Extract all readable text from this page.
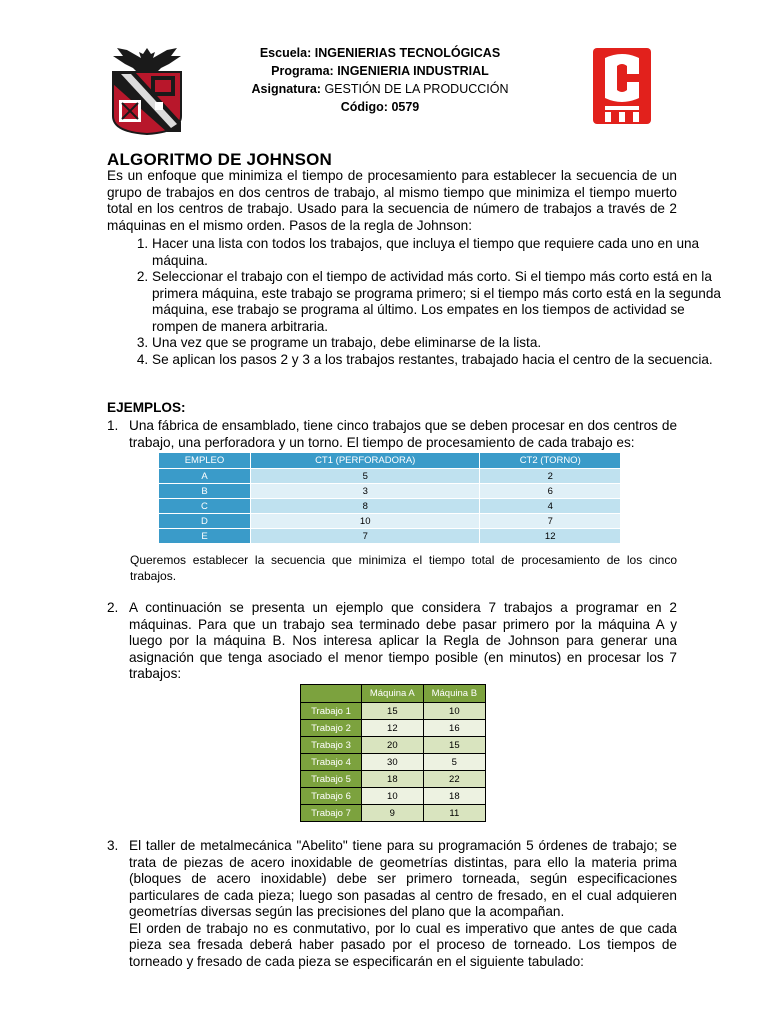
Escuela: INGENIERIAS TECNOLÓGICAS
Programa: INGENIERIA INDUSTRIAL
Asignatura: GESTIÓN DE LA PRODUCCIÓN
Código: 0579
ALGORITMO DE JOHNSON
Es un enfoque que minimiza el tiempo de procesamiento para establecer la secuencia de un grupo de trabajos en dos centros de trabajo, al mismo tiempo que minimiza el tiempo muerto total en los centros de trabajo. Usado para la secuencia de número de trabajos a través de 2 máquinas en el mismo orden. Pasos de la regla de Johnson:
1. Hacer una lista con todos los trabajos, que incluya el tiempo que requiere cada uno en una máquina.
2. Seleccionar el trabajo con el tiempo de actividad más corto. Si el tiempo más corto está en la primera máquina, este trabajo se programa primero; si el tiempo más corto está en la segunda máquina, ese trabajo se programa al último. Los empates en los tiempos de actividad se rompen de manera arbitraria.
3. Una vez que se programe un trabajo, debe eliminarse de la lista.
4. Se aplican los pasos 2 y 3 a los trabajos restantes, trabajado hacia el centro de la secuencia.
EJEMPLOS:
1. Una fábrica de ensamblado, tiene cinco trabajos que se deben procesar en dos centros de trabajo, una perforadora y un torno. El tiempo de procesamiento de cada trabajo es:
EMPLEO	CT1 (PERFORADORA)	CT2 (TORNO)
A	5	2
B	3	6
C	8	4
D	10	7
E	7	12
Queremos establecer la secuencia que minimiza el tiempo total de procesamiento de los cinco trabajos.
2. A continuación se presenta un ejemplo que considera 7 trabajos a programar en 2 máquinas. Para que un trabajo sea terminado debe pasar primero por la máquina A y luego por la máquina B. Nos interesa aplicar la Regla de Johnson para generar una asignación que tenga asociado el menor tiempo posible (en minutos) en procesar los 7 trabajos:
	Máquina A	Máquina B
Trabajo 1	15	10
Trabajo 2	12	16
Trabajo 3	20	15
Trabajo 4	30	5
Trabajo 5	18	22
Trabajo 6	10	18
Trabajo 7	9	11
3. El taller de metalmecánica "Abelito" tiene para su programación 5 órdenes de trabajo; se trata de piezas de acero inoxidable de geometrías distintas, para ello la materia prima (bloques de acero inoxidable) debe ser primero torneada, según especificaciones particulares de cada pieza; luego son pasadas al centro de fresado, en el cual adquieren geometrías diversas según las precisiones del plano que la acompañan.
El orden de trabajo no es conmutativo, por lo cual es imperativo que antes de que cada pieza sea fresada deberá haber pasado por el proceso de torneado. Los tiempos de torneado y fresado de cada pieza se especificarán en el siguiente tabulado:
